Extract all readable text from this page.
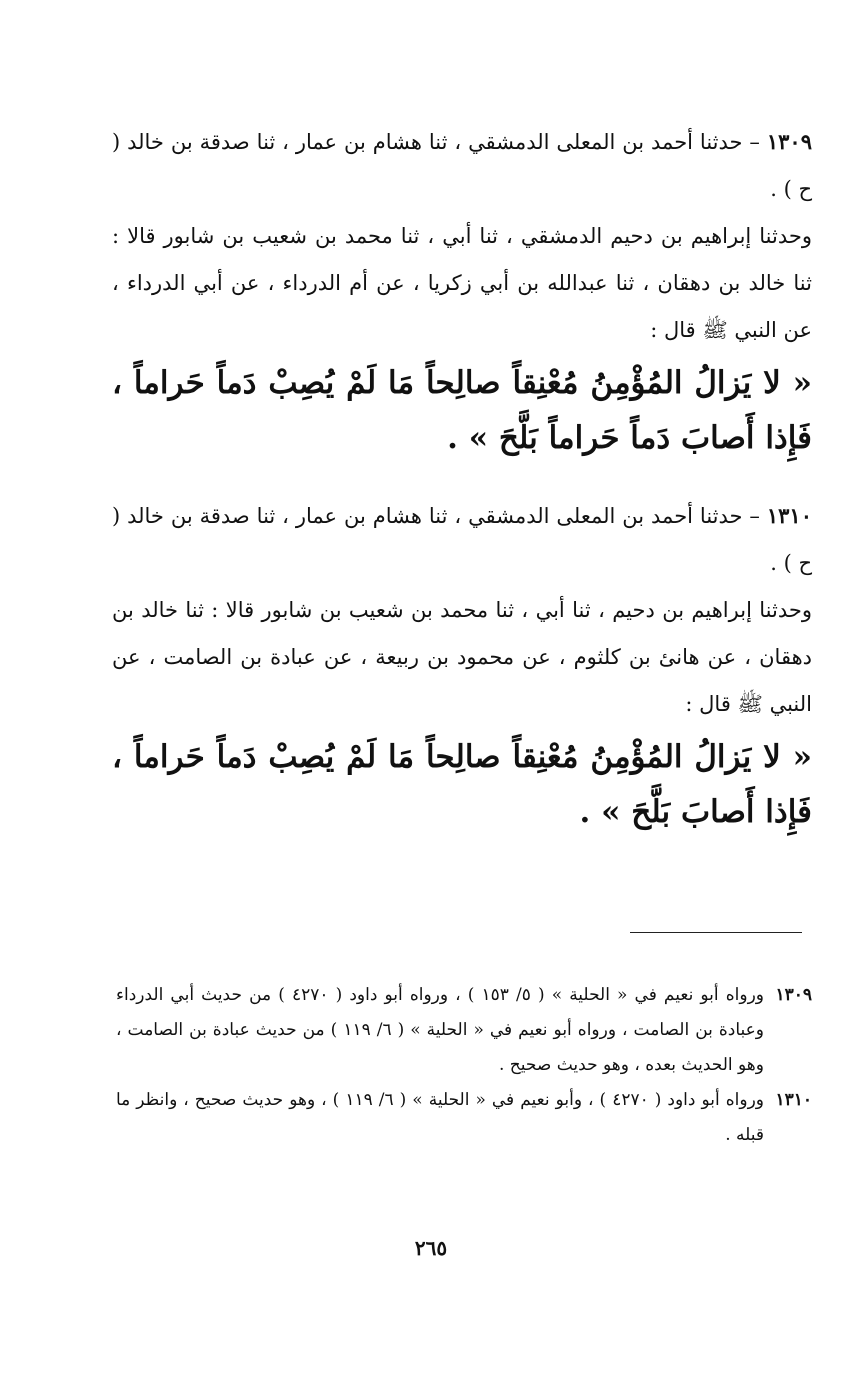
١٣٠٩ – حدثنا أحمد بن المعلى الدمشقي ، ثنا هشام بن عمار ، ثنا صدقة بن خالد ( ح ) .

وحدثنا إبراهيم بن دحيم الدمشقي ، ثنا أبي ، ثنا محمد بن شعيب بن شابور قالا : ثنا خالد بن دهقان ، ثنا عبدالله بن أبي زكريا ، عن أم الدرداء ، عن أبي الدرداء ، عن النبي ﷺ قال :

« لا يَزالُ المُؤْمِنُ مُعْنِقاً صالِحاً مَا لَمْ يُصِبْ دَماً حَراماً ، فَإِذا أَصابَ دَماً حَراماً بَلَّحَ » .

١٣١٠ – حدثنا أحمد بن المعلى الدمشقي ، ثنا هشام بن عمار ، ثنا صدقة بن خالد ( ح ) .

وحدثنا إبراهيم بن دحيم ، ثنا أبي ، ثنا محمد بن شعيب بن شابور قالا : ثنا خالد بن دهقان ، عن هانئ بن كلثوم ، عن محمود بن ربيعة ، عن عبادة بن الصامت ، عن النبي ﷺ قال :

« لا يَزالُ المُؤْمِنُ مُعْنِقاً صالِحاً مَا لَمْ يُصِبْ دَماً حَراماً ، فَإِذا أَصابَ بَلَّحَ » .

١٣٠٩
ورواه أبو نعيم في « الحلية » ( ٥/ ١٥٣ ) ، ورواه أبو داود ( ٤٢٧٠ ) من حديث أبي الدرداء وعبادة بن الصامت ، ورواه أبو نعيم في « الحلية » ( ٦/ ١١٩ ) من حديث عبادة بن الصامت ، وهو الحديث بعده ، وهو حديث صحيح .

١٣١٠
ورواه أبو داود ( ٤٢٧٠ ) ، وأبو نعيم في « الحلية » ( ٦/ ١١٩ ) ، وهو حديث صحيح ، وانظر ما قبله .

٢٦٥
